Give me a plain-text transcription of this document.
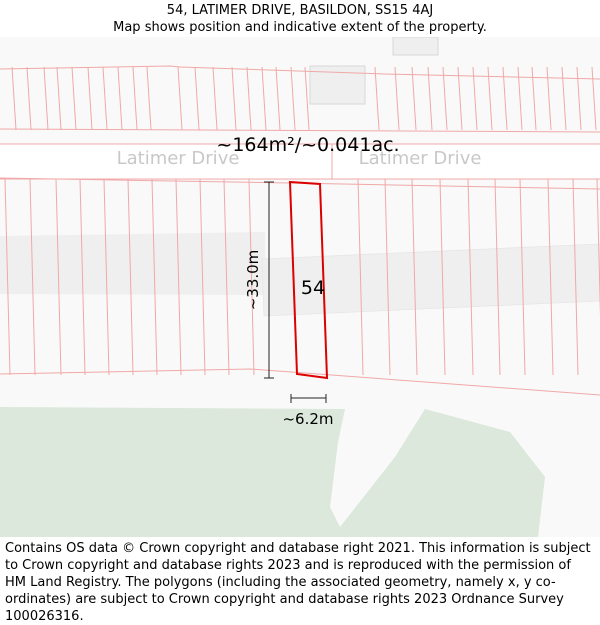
54, LATIMER DRIVE, BASILDON, SS15 4AJ
Map shows position and indicative extent of the property.
Latimer Drive	Latimer Drive
~164m²/~0.041ac.
54
~33.0m
~6.2m
Contains OS data © Crown copyright and database right 2021. This information is subject to Crown copyright and database rights 2023 and is reproduced with the permission of HM Land Registry. The polygons (including the associated geometry, namely x, y co-ordinates) are subject to Crown copyright and database rights 2023 Ordnance Survey 100026316.
